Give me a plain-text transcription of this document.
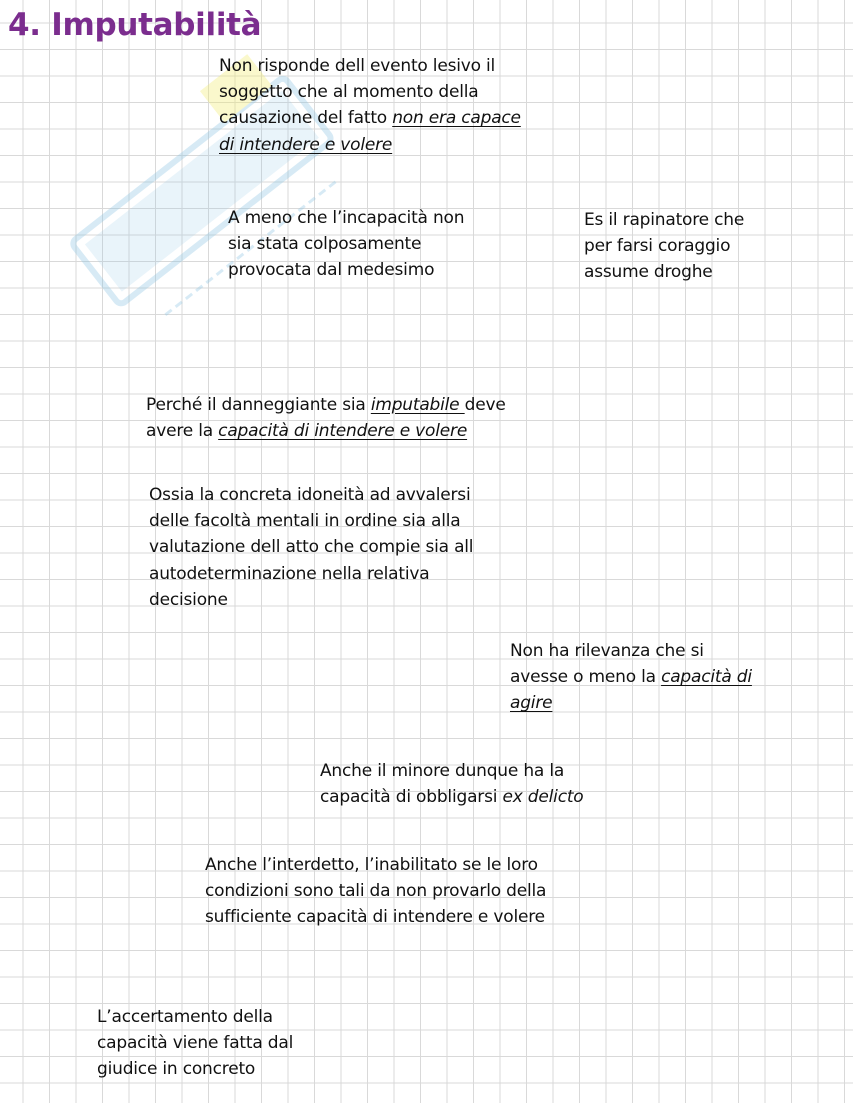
4. Imputabilità

Non risponde dell evento lesivo il soggetto che al momento della causazione del fatto non era capace di intendere e volere

A meno che l’incapacità non sia stata colposamente provocata dal medesimo

Es il rapinatore che per farsi coraggio assume droghe

Perché il danneggiante sia imputabile deve avere la capacità di intendere e volere

Ossia la concreta idoneità ad avvalersi delle facoltà mentali in ordine sia alla valutazione dell atto che compie sia all autodeterminazione nella relativa decisione

Non ha rilevanza che si avesse o meno la capacità di agire

Anche il minore dunque ha la capacità di obbligarsi ex delicto

Anche l’interdetto, l’inabilitato se le loro condizioni sono tali da non provarlo della sufficiente capacità di intendere e volere

L’accertamento della capacità viene fatta dal giudice in concreto
